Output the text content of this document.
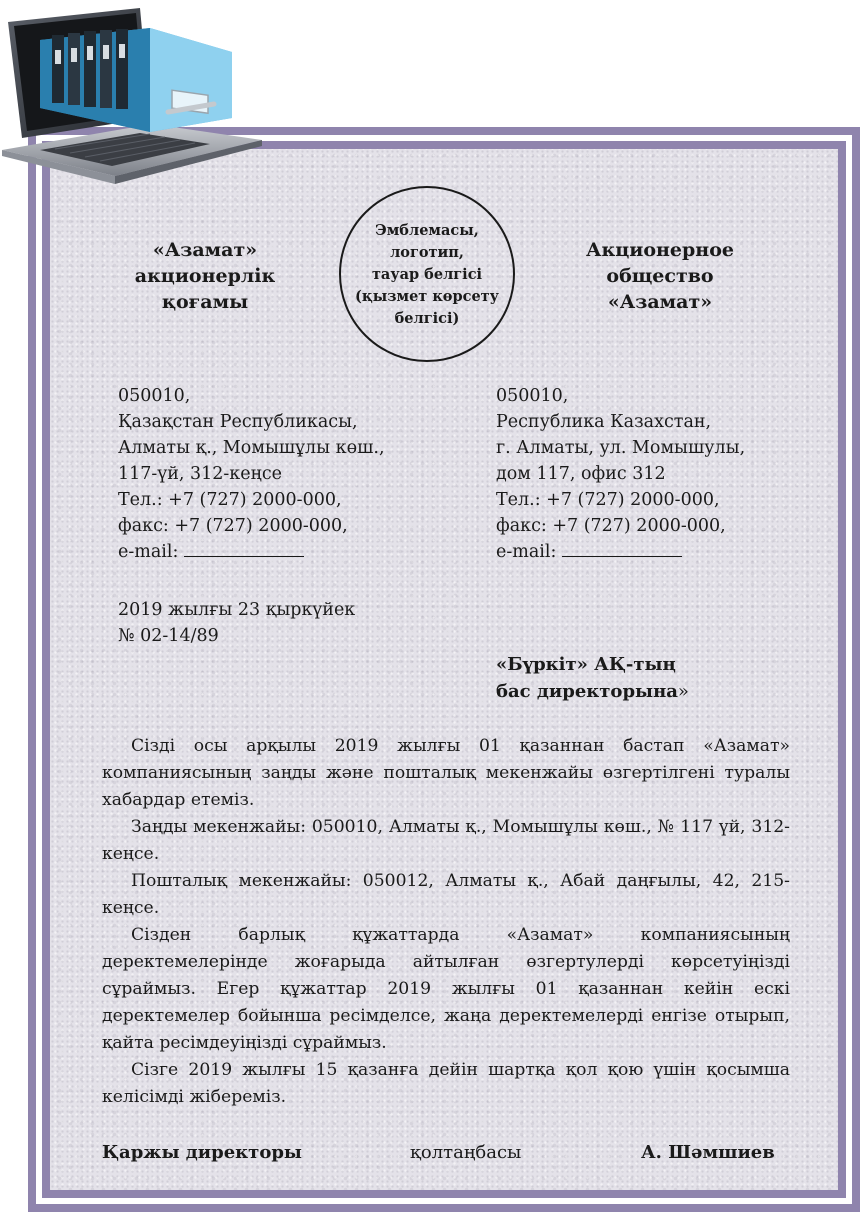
«Азамат»
акционерлік
қоғамы
Акционерное
общество
«Азамат»
Эмблемасы,
логотип,
тауар белгісі
(қызмет көрсету
белгісі)
050010,
Қазақстан Республикасы,
Алматы қ., Момышұлы көш.,
117-үй, 312-кеңсе
Тел.: +7 (727) 2000-000,
факс: +7 (727) 2000-000,
e-mail:
050010,
Республика Казахстан,
г. Алматы, ул. Момышулы,
дом 117, офис 312
Тел.: +7 (727) 2000-000,
факс: +7 (727) 2000-000,
e-mail:
2019 жылғы 23 қыркүйек
№ 02-14/89
«Бүркіт» АҚ-тың
бас директорына»

Сізді осы арқылы 2019 жылғы 01 қазаннан бастап «Азамат» компаниясының заңды және пошталық мекенжайы өзгертілгені туралы хабардар етеміз.

Заңды мекенжайы: 050010, Алматы қ., Момышұлы көш., № 117 үй, 312-кеңсе.

Пошталық мекенжайы: 050012, Алматы қ., Абай даңғылы, 42, 215-кеңсе.

Сізден барлық құжаттарда «Азамат» компаниясының деректемелерінде жоғарыда айтылған өзгертулерді көрсетуіңізді сұраймыз. Егер құжаттар 2019 жылғы 01 қазаннан кейін ескі деректемелер бойынша ресімделсе, жаңа деректемелерді енгізе отырып, қайта ресімдеуіңізді сұраймыз.

Сізге 2019 жылғы 15 қазанға дейін шартқа қол қою үшін қосымша келісімді жібереміз.

Қаржы директоры	қолтаңбасы	А. Шәмшиев
